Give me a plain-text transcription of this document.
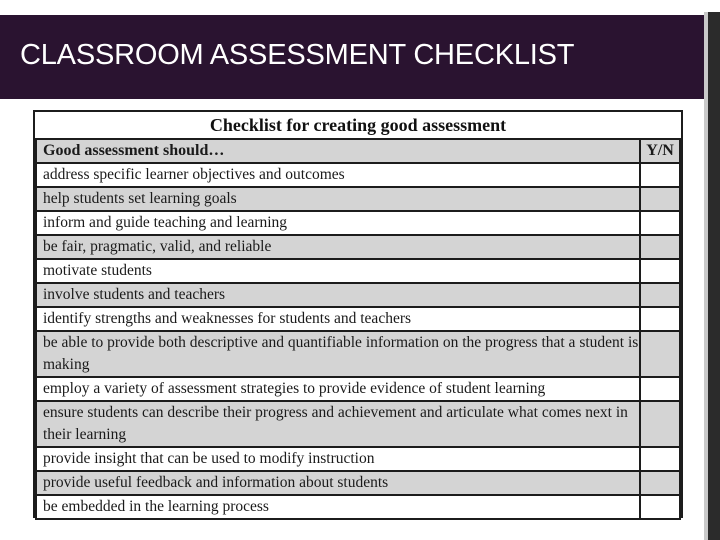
CLASSROOM ASSESSMENT CHECKLIST
Checklist for creating good assessment
Good assessment should…	Y/N
address specific learner objectives and outcomes	
help students set learning goals	
inform and guide teaching and learning	
be fair, pragmatic, valid, and reliable	
motivate students	
involve students and teachers	
identify strengths and weaknesses for students and teachers	
be able to provide both descriptive and quantifiable information on the progress that a student is making	
employ a variety of assessment strategies to provide evidence of student learning	
ensure students can describe their progress and achievement and articulate what comes next in their learning	
provide insight that can be used to modify instruction	
provide useful feedback and information about students	
be embedded in the learning process	
